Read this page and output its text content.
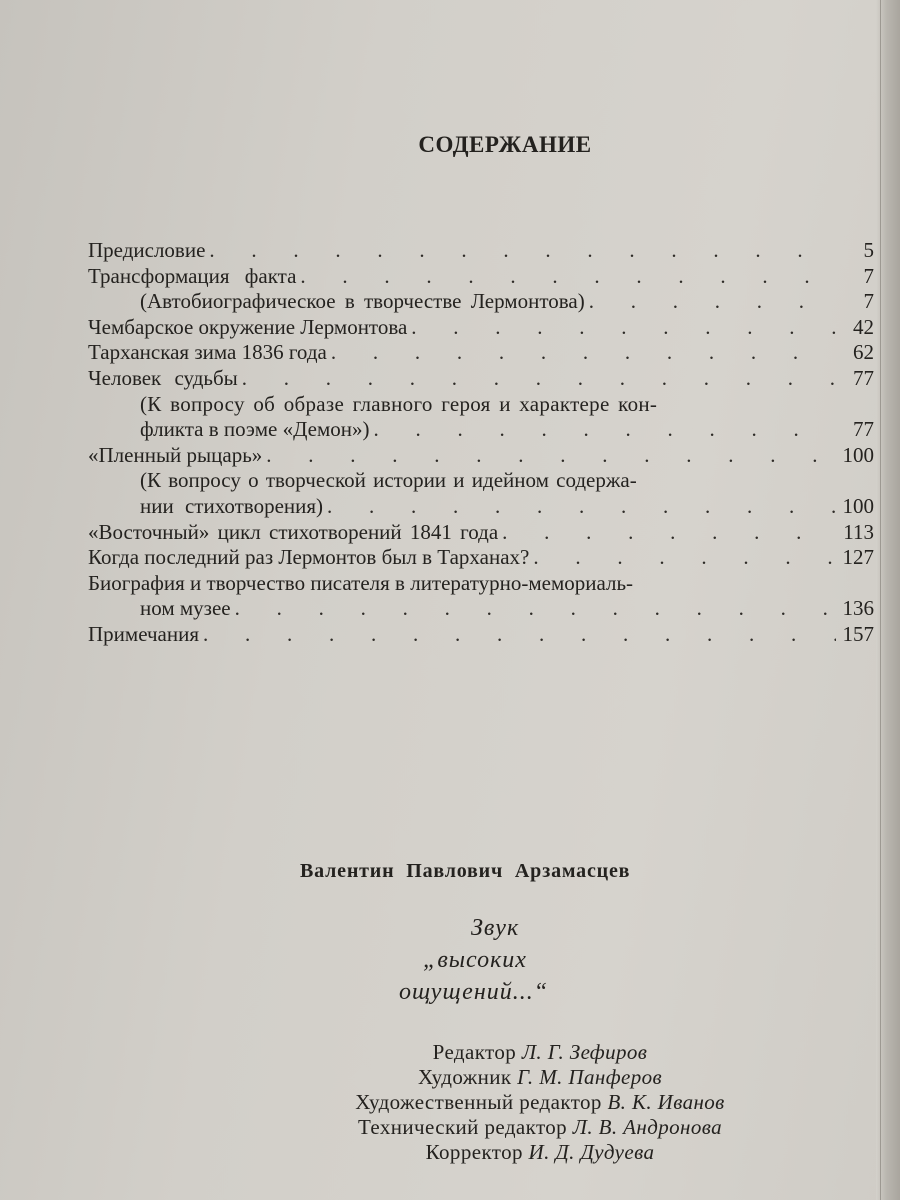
СОДЕРЖАНИЕ
Предисловие .	5
Трансформация факта .	7
(Автобиографическое в творчестве Лермонтова) .	7
Чембарское окружение Лермонтова .	42
Тарханская зима 1836 года .	62
Человек судьбы .	77
(К вопросу об образе главного героя и характере кон-
фликта в поэме «Демон») .	77
«Пленный рыцарь» .	100
(К вопросу о творческой истории и идейном содержа-
нии стихотворения) .	100
«Восточный» цикл стихотворений 1841 года .	113
Когда последний раз Лермонтов был в Тарханах? .	127
Биография и творчество писателя в литературно-мемориаль-
ном музее .	136
Примечания .	157
Валентин Павлович Арзамасцев
Звук
„высоких
ощущений...“
Редактор Л. Г. Зефиров
Художник Г. М. Панферов
Художественный редактор В. К. Иванов
Технический редактор Л. В. Андронова
Корректор И. Д. Дудуева
